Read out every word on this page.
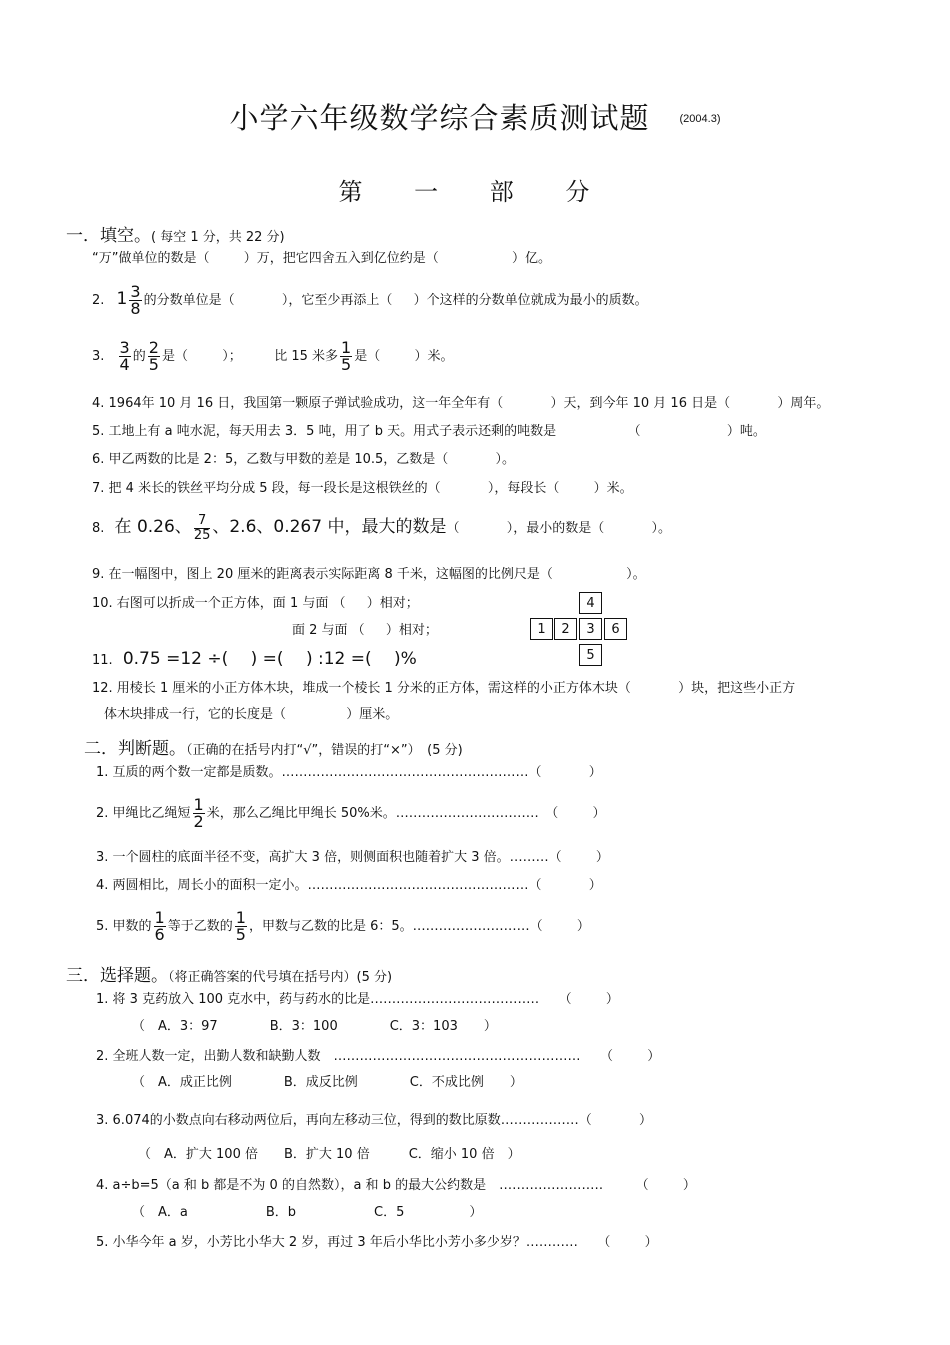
小学六年级数学综合素质测试题	$^{(2004.3)}$
第 一 部 分
一．填空。( 每空 1 分，共 22 分)
“万”做单位的数是（ 　　 ）万，把它四舍五入到亿位约是（ 　　　　　 ）亿。
2. $1 \frac{3}{8}$ 的分数单位是（ 　　　 ），它至少再添上（ 　 ）个这样的分数单位就成为最小的质数。
3. $\frac{3}{4}$ 的 $\frac{2}{5}$ 是（ 　　 ）；　　　比 15 米多 $\frac{1}{5}$ 是（ 　　 ）米。
4. 1964年 10 月 16 日，我国第一颗原子弹试验成功，这一年全年有（ 　　　 ）天，到今年 10 月 16 日是（ 　　　 ）周年。
5. 工地上有 a 吨水泥，每天用去 3．5 吨，用了 b 天。用式子表示还剩的吨数是　　　　　　（ 　　　　　　 ）吨。
6. 甲乙两数的比是 2：5，乙数与甲数的差是 10.5，乙数是（ 　　　 ）。
7. 把 4 米长的铁丝平均分成 5 段，每一段长是这根铁丝的（ 　　　 ），每段长（ 　　 ）米。
8. 在 0.26、 $\frac{7}{25}$ 、2.6、0.267 中，最大的数是（ 　　　 ），最小的数是（ 　　　 ）。
9. 在一幅图中，图上 20 厘米的距离表示实际距离 8 千米，这幅图的比例尺是（ 　　　　　 ）。
10. 右图可以折成一个正方体，面 1 与面 （ 　 ）相对；
面 2 与面 （ 　 ）相对；
11. 0.75 =12 ÷(　 ) =(　 ) :12 =(　 )%
12. 用棱长 1 厘米的小正方体木块，堆成一个棱长 1 分米的正方体，需这样的小正方体木块（ 　　　 ）块，把这些小正方
体木块排成一行，它的长度是（ 　　　　 ）厘米。
4
1	2	3	6
5
二．判断题。（正确的在括号内打“√”，错误的打“×”）　(5 分)
1. 互质的两个数一定都是质数。…………………………………………………（ 　　　 ）
2. 甲绳比乙绳短 $\frac{1}{2}$ 米，那么乙绳比甲绳长 50%米。……………………………　（ 　　 ）
3. 一个圆柱的底面半径不变，高扩大 3 倍，则侧面积也随着扩大 3 倍。………（ 　　 ）
4. 两圆相比，周长小的面积一定小。……………………………………………（ 　　　 ）
5. 甲数的 $\frac{1}{6}$ 等于乙数的 $\frac{1}{5}$ ，甲数与乙数的比是 6：5。………………………（ 　　 ）
三．选择题。（将正确答案的代号填在括号内）(5 分)
1. 将 3 克药放入 100 克水中，药与药水的比是…………………………………　　（ 　　 ）
（　A．3：97　　　　B．3：100　　　　C．3：103　　）
2. 全班人数一定，出勤人数和缺勤人数　…………………………………………………　　（ 　　 ）
（　A．成正比例　　　　B．成反比例　　　　C．不成比例　　）
3. 6.074的小数点向右移动两位后，再向左移动三位，得到的数比原数………………（ 　　　 ）
（　A．扩大 100 倍　　B．扩大 10 倍　　　C．缩小 10 倍　）
4. a÷b=5（a 和 b 都是不为 0 的自然数），a 和 b 的最大公约数是　……………………　　　（ 　　 ）
（　A．a　　　　　　B．b　　　　　　C．5　　　　　）
5. 小华今年 a 岁，小芳比小华大 2 岁，再过 3 年后小华比小芳小多少岁？…………　　（ 　　 ）
